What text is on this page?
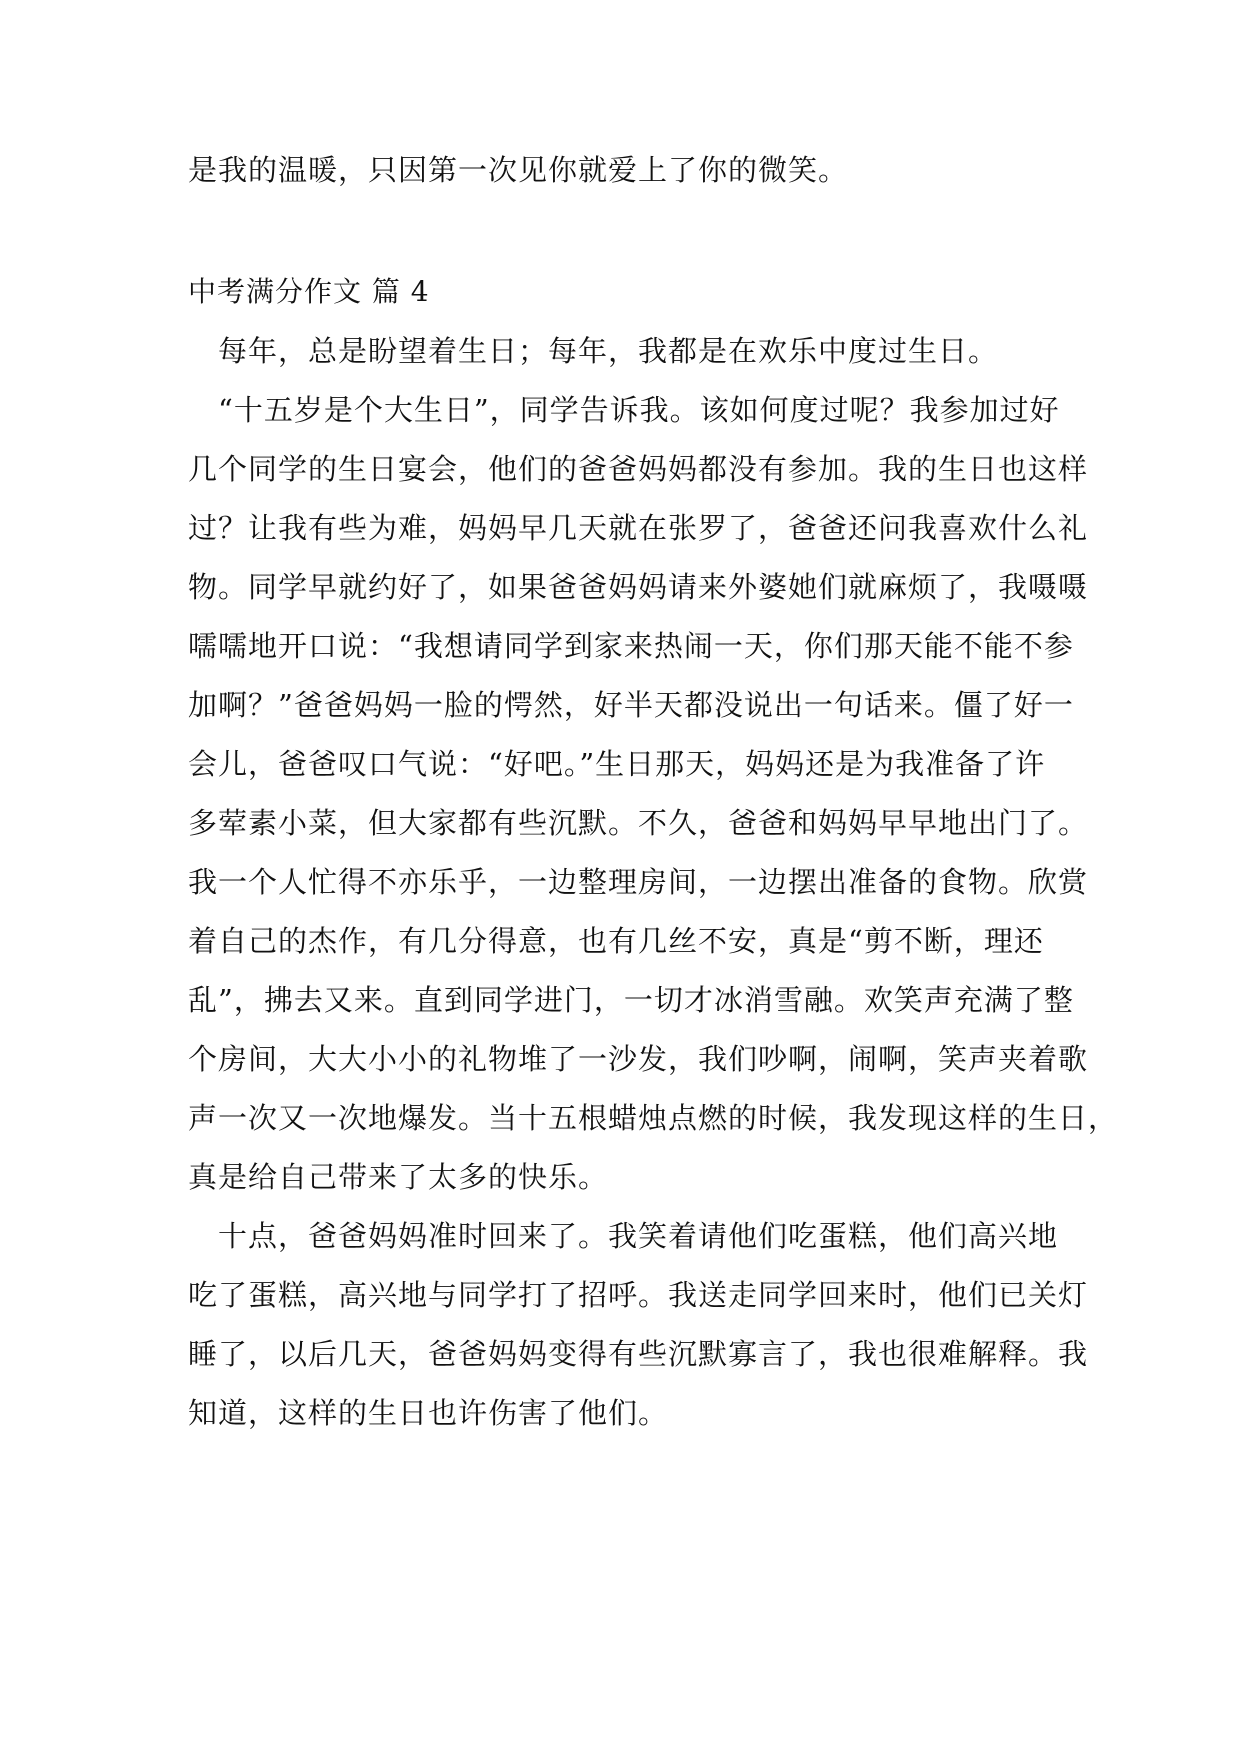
是我的温暖，只因第一次见你就爱上了你的微笑。
中考满分作文 篇 4
　每年，总是盼望着生日；每年，我都是在欢乐中度过生日。
　“十五岁是个大生日”，同学告诉我。该如何度过呢？我参加过好
几个同学的生日宴会，他们的爸爸妈妈都没有参加。我的生日也这样
过？让我有些为难，妈妈早几天就在张罗了，爸爸还问我喜欢什么礼
物。同学早就约好了，如果爸爸妈妈请来外婆她们就麻烦了，我嗫嗫
嚅嚅地开口说：“我想请同学到家来热闹一天，你们那天能不能不参
加啊？”爸爸妈妈一脸的愕然，好半天都没说出一句话来。僵了好一
会儿，爸爸叹口气说：“好吧。”生日那天，妈妈还是为我准备了许
多荤素小菜，但大家都有些沉默。不久，爸爸和妈妈早早地出门了。
我一个人忙得不亦乐乎，一边整理房间，一边摆出准备的食物。欣赏
着自己的杰作，有几分得意，也有几丝不安，真是“剪不断，理还
乱”，拂去又来。直到同学进门，一切才冰消雪融。欢笑声充满了整
个房间，大大小小的礼物堆了一沙发，我们吵啊，闹啊，笑声夹着歌
声一次又一次地爆发。当十五根蜡烛点燃的时候，我发现这样的生日，
真是给自己带来了太多的快乐。
　十点，爸爸妈妈准时回来了。我笑着请他们吃蛋糕，他们高兴地
吃了蛋糕，高兴地与同学打了招呼。我送走同学回来时，他们已关灯
睡了，以后几天，爸爸妈妈变得有些沉默寡言了，我也很难解释。我
知道，这样的生日也许伤害了他们。
